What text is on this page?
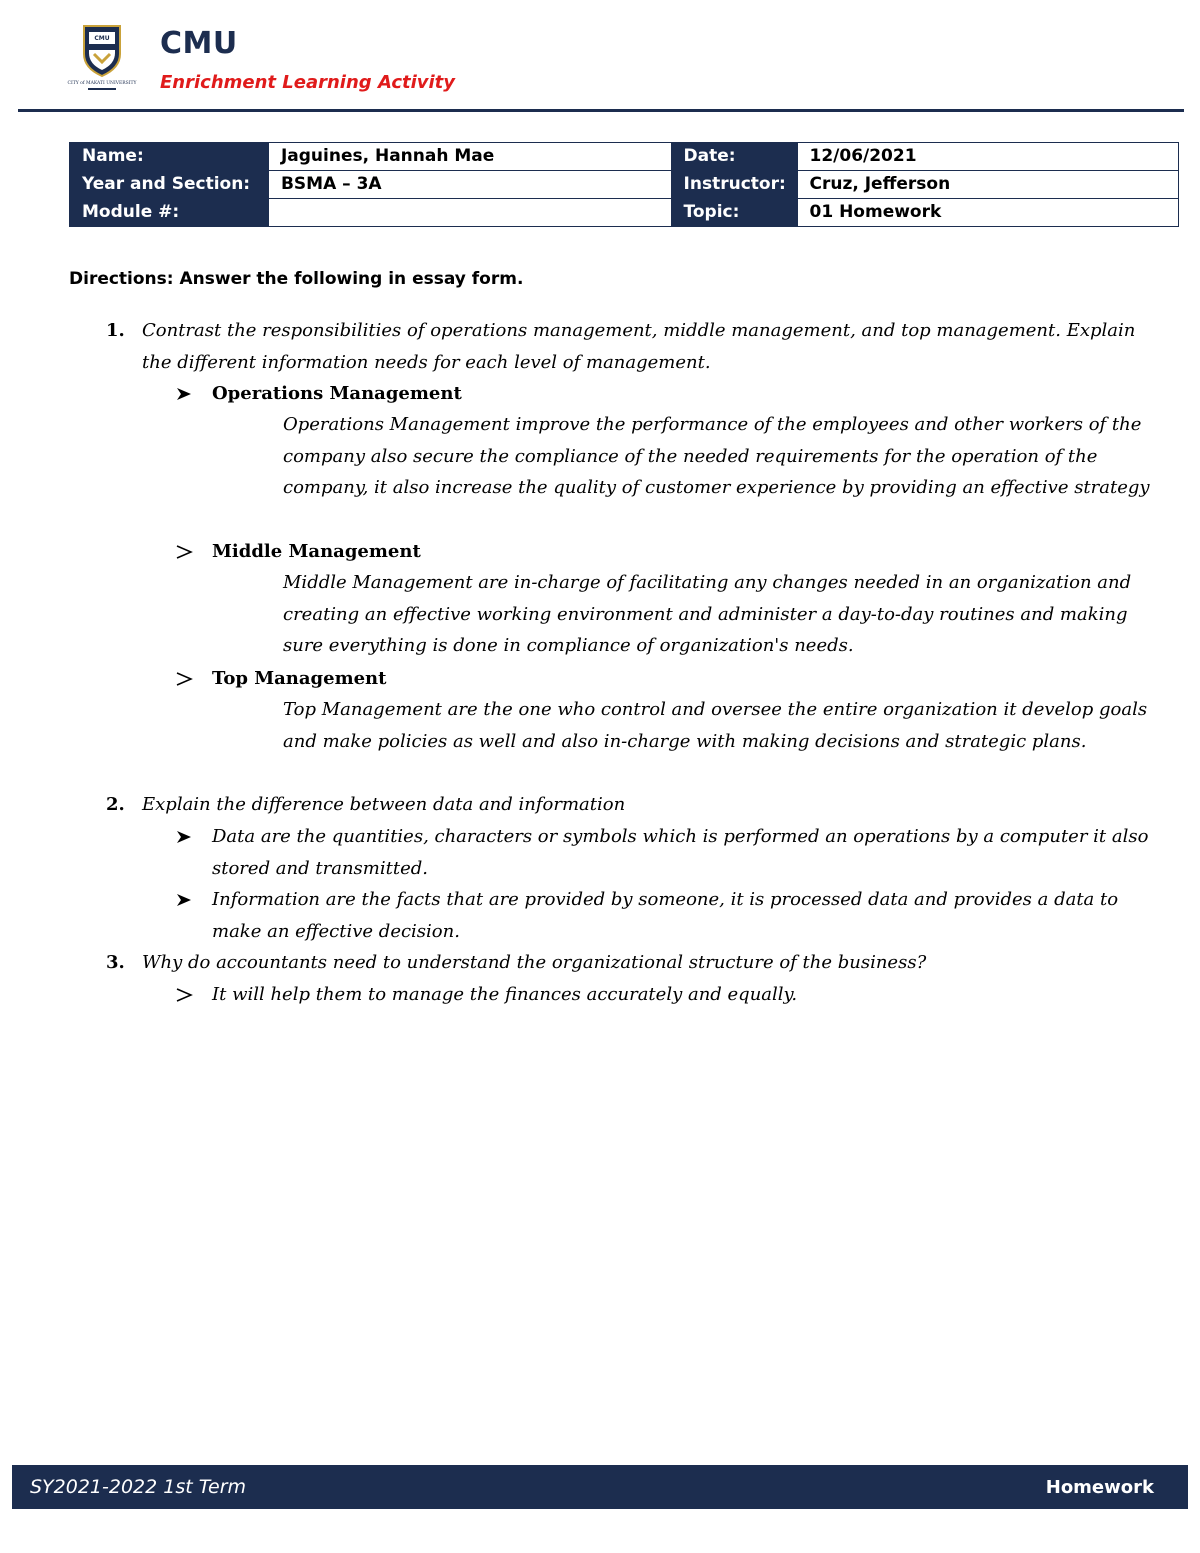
CMU
CITY of MAKATI UNIVERSITY
CMU
Enrichment Learning Activity
Name:	Jaguines, Hannah Mae	Date:	12/06/2021
Year and Section:	BSMA – 3A	Instructor:	Cruz, Jefferson
Module #:		Topic:	01 Homework
Directions: Answer the following in essay form.
1. Contrast the responsibilities of operations management, middle management, and top management. Explain the different information needs for each level of management.
Operations Management
Operations Management improve the performance of the employees and other workers of the company also secure the compliance of the needed requirements for the operation of the company, it also increase the quality of customer experience by providing an effective strategy
Middle Management
Middle Management are in-charge of facilitating any changes needed in an organization and creating an effective working environment and administer a day-to-day routines and making sure everything is done in compliance of organization's needs.
Top Management
Top Management are the one who control and oversee the entire organization it develop goals and make policies as well and also in-charge with making decisions and strategic plans.
2. Explain the difference between data and information
Data are the quantities, characters or symbols which is performed an operations by a computer it also stored and transmitted.
Information are the facts that are provided by someone, it is processed data and provides a data to make an effective decision.
3. Why do accountants need to understand the organizational structure of the business?
It will help them to manage the finances accurately and equally.
SY2021-2022 1st Term	Homework
